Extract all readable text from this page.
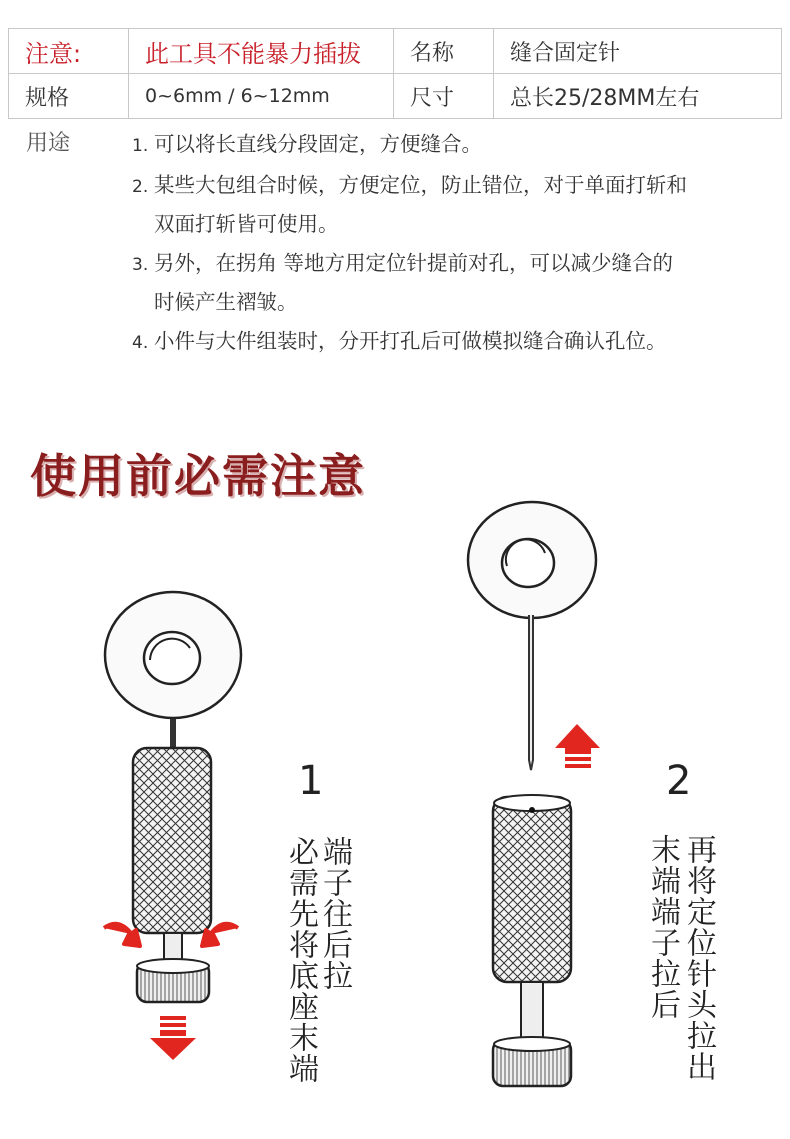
注意:	此工具不能暴力插拔	名称	缝合固定针
规格	0~6mm / 6~12mm	尺寸	总长25/28MM左右
用途	1. 可以将长直线分段固定，方便缝合。
2. 某些大包组合时候，方便定位，防止错位，对于单面打斩和
双面打斩皆可使用。
3. 另外，在拐角 等地方用定位针提前对孔，可以减少缝合的
时候产生褶皱。
4. 小件与大件组装时，分开打孔后可做模拟缝合确认孔位。
使用前必需注意
1
端子往后拉
必需先将底座末端
2
再将定位针头拉出
末端端子拉后
